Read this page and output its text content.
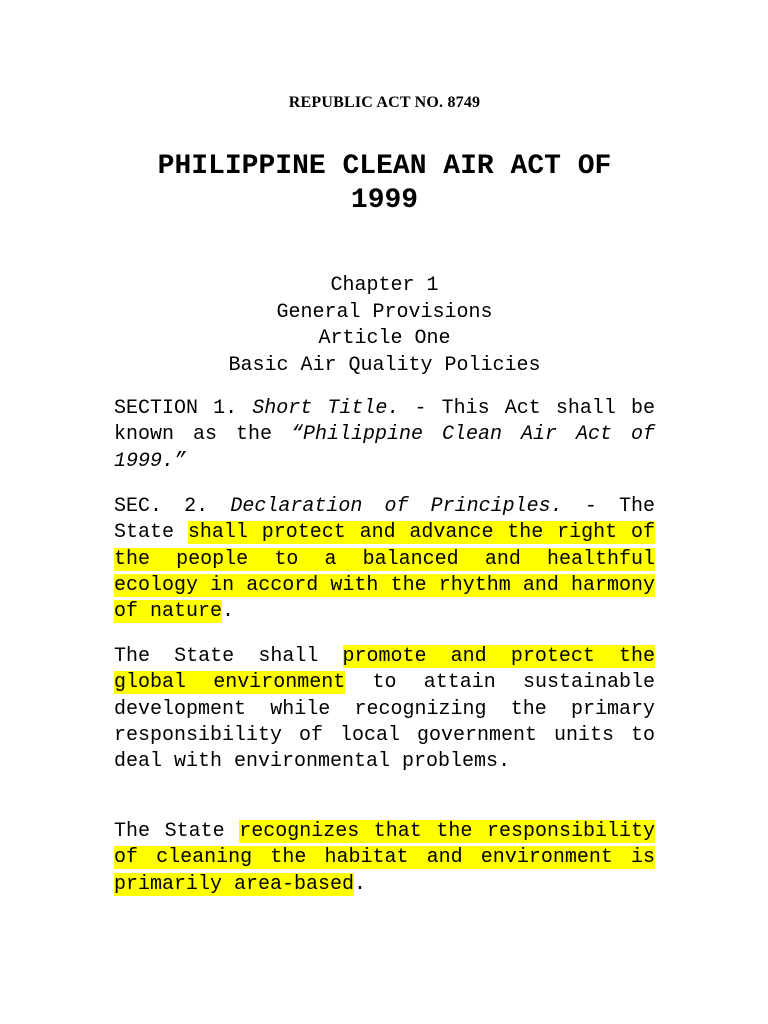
REPUBLIC ACT NO. 8749
PHILIPPINE CLEAN AIR ACT OF
1999
Chapter 1
General Provisions
Article One
Basic Air Quality Policies

SECTION 1. Short Title. - This Act shall be known as the “Philippine Clean Air Act of 1999.”

SEC. 2. Declaration of Principles. - The State shall protect and advance the right of the people to a balanced and healthful ecology in accord with the rhythm and harmony of nature.

The State shall promote and protect the global environment to attain sustainable development while recognizing the primary responsibility of local government units to deal with environmental problems.

The State recognizes that the responsibility of cleaning the habitat and environment is primarily area-based.
